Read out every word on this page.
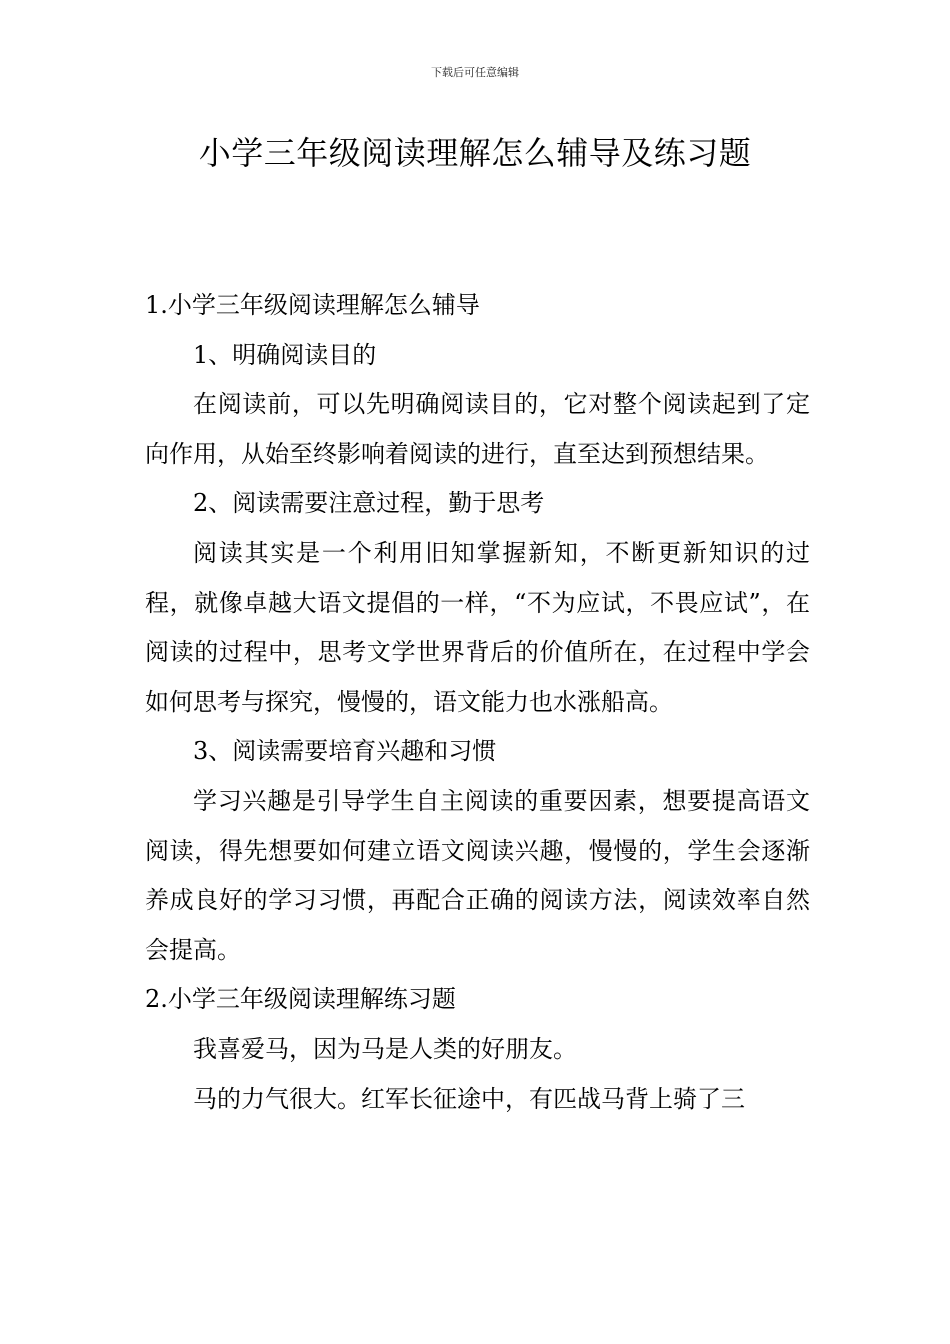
下载后可任意编辑
小学三年级阅读理解怎么辅导及练习题

1.小学三年级阅读理解怎么辅导

1、明确阅读目的

在阅读前，可以先明确阅读目的，它对整个阅读起到了定向作用，从始至终影响着阅读的进行，直至达到预想结果。

2、阅读需要注意过程，勤于思考

阅读其实是一个利用旧知掌握新知，不断更新知识的过程，就像卓越大语文提倡的一样，“不为应试，不畏应试”，在阅读的过程中，思考文学世界背后的价值所在，在过程中学会如何思考与探究，慢慢的，语文能力也水涨船高。

3、阅读需要培育兴趣和习惯

学习兴趣是引导学生自主阅读的重要因素，想要提高语文阅读，得先想要如何建立语文阅读兴趣，慢慢的，学生会逐渐养成良好的学习习惯，再配合正确的阅读方法，阅读效率自然会提高。

2.小学三年级阅读理解练习题

我喜爱马，因为马是人类的好朋友。

马的力气很大。红军长征途中，有匹战马背上骑了三
